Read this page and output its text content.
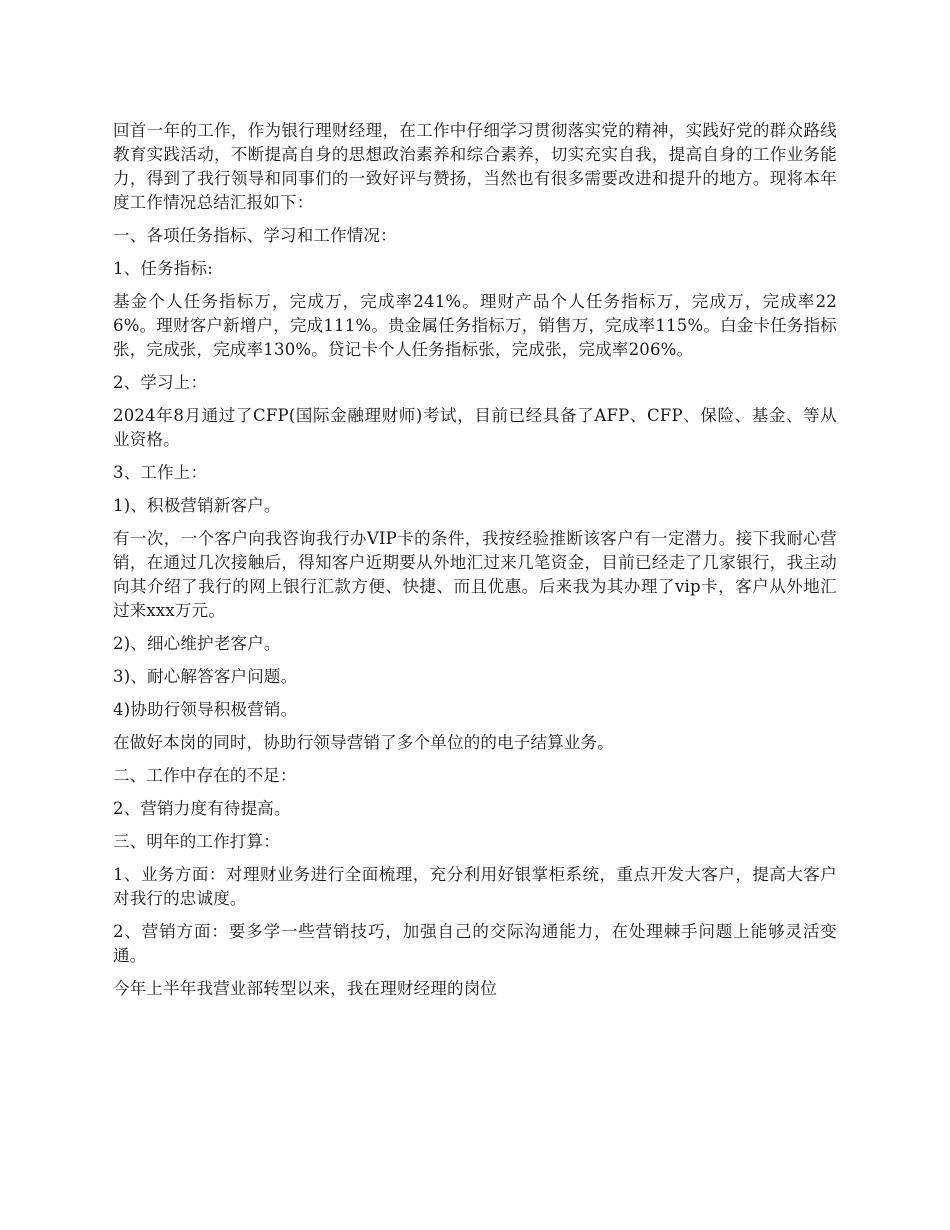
回首一年的工作，作为银行理财经理，在工作中仔细学习贯彻落实党的精神，实践好党的群众路线教育实践活动，不断提高自身的思想政治素养和综合素养，切实充实自我，提高自身的工作业务能力，得到了我行领导和同事们的一致好评与赞扬，当然也有很多需要改进和提升的地方。现将本年度工作情况总结汇报如下：

一、各项任务指标、学习和工作情况：

1、任务指标:

基金个人任务指标万，完成万，完成率241%。理财产品个人任务指标万，完成万，完成率226%。理财客户新增户，完成111%。贵金属任务指标万，销售万，完成率115%。白金卡任务指标张，完成张，完成率130%。贷记卡个人任务指标张，完成张，完成率206%。

2、学习上：

2024年8月通过了CFP(国际金融理财师)考试，目前已经具备了AFP、CFP、保险、基金、等从业资格。

3、工作上：

1)、积极营销新客户。

有一次，一个客户向我咨询我行办VIP卡的条件，我按经验推断该客户有一定潜力。接下我耐心营销，在通过几次接触后，得知客户近期要从外地汇过来几笔资金，目前已经走了几家银行，我主动向其介绍了我行的网上银行汇款方便、快捷、而且优惠。后来我为其办理了vip卡，客户从外地汇过来xxx万元。

2)、细心维护老客户。

3)、耐心解答客户问题。

4)协助行领导积极营销。

在做好本岗的同时，协助行领导营销了多个单位的的电子结算业务。

二、工作中存在的不足：

2、营销力度有待提高。

三、明年的工作打算：

1、业务方面：对理财业务进行全面梳理，充分利用好银掌柜系统，重点开发大客户，提高大客户对我行的忠诚度。

2、营销方面：要多学一些营销技巧，加强自己的交际沟通能力，在处理棘手问题上能够灵活变通。

今年上半年我营业部转型以来，我在理财经理的岗位
